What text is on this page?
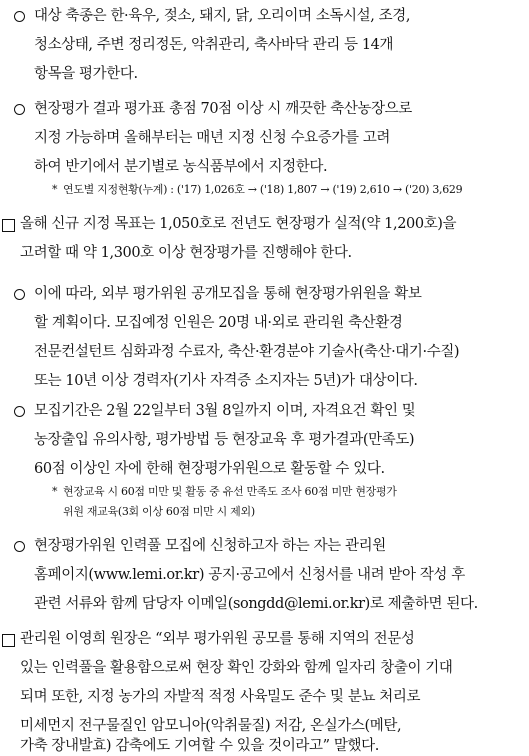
대상 축종은 한·육우, 젖소, 돼지, 닭, 오리이며 소독시설, 조경,
청소상태, 주변 정리정돈, 악취관리, 축사바닥 관리 등 14개
항목을 평가한다.
현장평가 결과 평가표 총점 70점 이상 시 깨끗한 축산농장으로
지정 가능하며 올해부터는 매년 지정 신청 수요증가를 고려
하여 반기에서 분기별로 농식품부에서 지정한다.
* 연도별 지정현황(누계) : ('17) 1,026호 → ('18) 1,807 → ('19) 2,610 → ('20) 3,629
올해 신규 지정 목표는 1,050호로 전년도 현장평가 실적(약 1,200호)을
고려할 때 약 1,300호 이상 현장평가를 진행해야 한다.
이에 따라, 외부 평가위원 공개모집을 통해 현장평가위원을 확보
할 계획이다. 모집예정 인원은 20명 내·외로 관리원 축산환경
전문컨설턴트 심화과정 수료자, 축산·환경분야 기술사(축산·대기·수질)
또는 10년 이상 경력자(기사 자격증 소지자는 5년)가 대상이다.
모집기간은 2월 22일부터 3월 8일까지 이며, 자격요건 확인 및
농장출입 유의사항, 평가방법 등 현장교육 후 평가결과(만족도)
60점 이상인 자에 한해 현장평가위원으로 활동할 수 있다.
* 현장교육 시 60점 미만 및 활동 중 유선 만족도 조사 60점 미만 현장평가
위원 재교육(3회 이상 60점 미만 시 제외)
현장평가위원 인력풀 모집에 신청하고자 하는 자는 관리원
홈페이지(www.lemi.or.kr) 공지·공고에서 신청서를 내려 받아 작성 후
관련 서류와 함께 담당자 이메일(songdd@lemi.or.kr)로 제출하면 된다.
관리원 이영희 원장은 “외부 평가위원 공모를 통해 지역의 전문성
있는 인력풀을 활용함으로써 현장 확인 강화와 함께 일자리 창출이 기대
되며 또한, 지정 농가의 자발적 적정 사육밀도 준수 및 분뇨 처리로
미세먼지 전구물질인 암모니아(악취물질) 저감, 온실가스(메탄,
가축 장내발효) 감축에도 기여할 수 있을 것이라고” 말했다.
